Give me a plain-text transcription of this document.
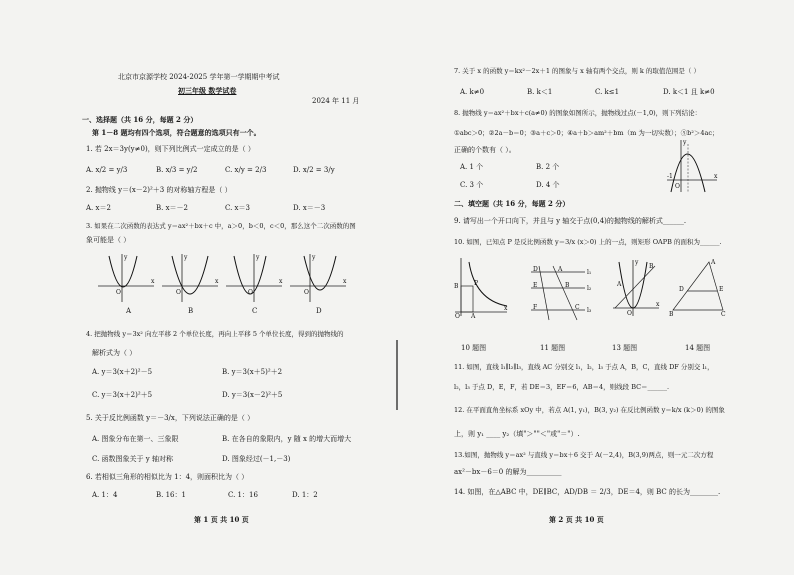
北京市京源学校 2024-2025 学年第一学期期中考试
初三年级 数学试卷
2024 年 11 月
一、选择题（共 16 分，每题 2 分）
第 1－8 题均有四个选项，符合题意的选项只有一个。
1. 若 2x＝3y(y≠0)，则下列比例式一定成立的是（ ）
A. x/2 = y/3	B. x/3 = y/2	C. x/y = 2/3	D. x/2 = 3/y
2. 抛物线 y＝(x－2)²＋3 的对称轴方程是（ ）
A. x＝2	B. x＝－2	C. x＝3	D. x＝－3
3. 如果在二次函数的表达式 y＝ax²＋bx＋c 中，a＞0，b＜0，c＜0，那么这个二次函数的图
象可能是（ ）
O
x
y
O
x
y
O
x
y
O
x
y
A	B	C	D
4. 把抛物线 y＝3x² 向左平移 2 个单位长度，再向上平移 5 个单位长度，得到的抛物线的
解析式为（ ）
A. y＝3(x＋2)²－5	B. y＝3(x＋5)²＋2
C. y＝3(x＋2)²＋5	D. y＝3(x－2)²＋5
5. 关于反比例函数 y＝－3/x，下列说法正确的是（ ）
A. 图象分布在第一、三象限	B. 在各自的象限内，y 随 x 的增大而增大
C. 函数图象关于 y 轴对称	D. 图象经过(－1,－3)
6. 若相似三角形的相似比为 1：4，则面积比为（ ）
A. 1：4	B. 16：1	C. 1：16	D. 1：2
第 1 页 共 10 页
7. 关于 x 的函数 y＝kx²－2x＋1 的图象与 x 轴有两个交点，则 k 的取值范围是（ ）
A. k≠0	B. k＜1	C. k≤1	D. k＜1 且 k≠0
8. 抛物线 y＝ax²＋bx＋c(a≠0) 的图象如图所示，抛物线过点(－1,0)，则下列结论：
①abc＞0；②2a－b＝0；③a＋c＞0；④a＋b＞am²＋bm（m 为一切实数）；⑤b²＞4ac；
正确的个数有（ ）。
A. 1 个	B. 2 个
C. 3 个	D. 4 个	O
x
y
-1
二、填空题（共 16 分，每题 2 分）
9. 请写出一个开口向下，并且与 y 轴交于点(0,4)的抛物线的解析式______.
10. 如图，已知点 P 是反比例函数 y＝3/x (x＞0) 上的一点，则矩形 OAPB 的面积为______.
O A
P
B
x
D
E
F
A
B
C
l₁
l₂
l₃
A
B
O
x
y	A
D	E
B	C
10 题图	11 题图	13 题图	14 题图
11. 如图，直线 l₁∥l₂∥l₃，直线 AC 分别交 l₁，l₂，l₃ 于点 A，B，C，直线 DF 分别交 l₁，
l₂，l₃ 于点 D，E，F，若 DE＝3，EF＝6，AB＝4，则线段 BC＝______.
12. 在平面直角坐标系 xOy 中，若点 A(1, y₁)，B(3, y₂) 在反比例函数 y＝k/x (k＞0) 的图象
上，则 y₁ ____ y₂（填"＞""＜"或"＝"）.
13.如图，抛物线 y＝ax² 与直线 y＝bx＋6 交于 A(－2,4)，B(3,9)两点，则一元二次方程
ax²－bx－6＝0 的解为__________
14. 如图，在△ABC 中，DE∥BC，AD/DB ＝ 2/3，DE＝4，则 BC 的长为________.
第 2 页 共 10 页
